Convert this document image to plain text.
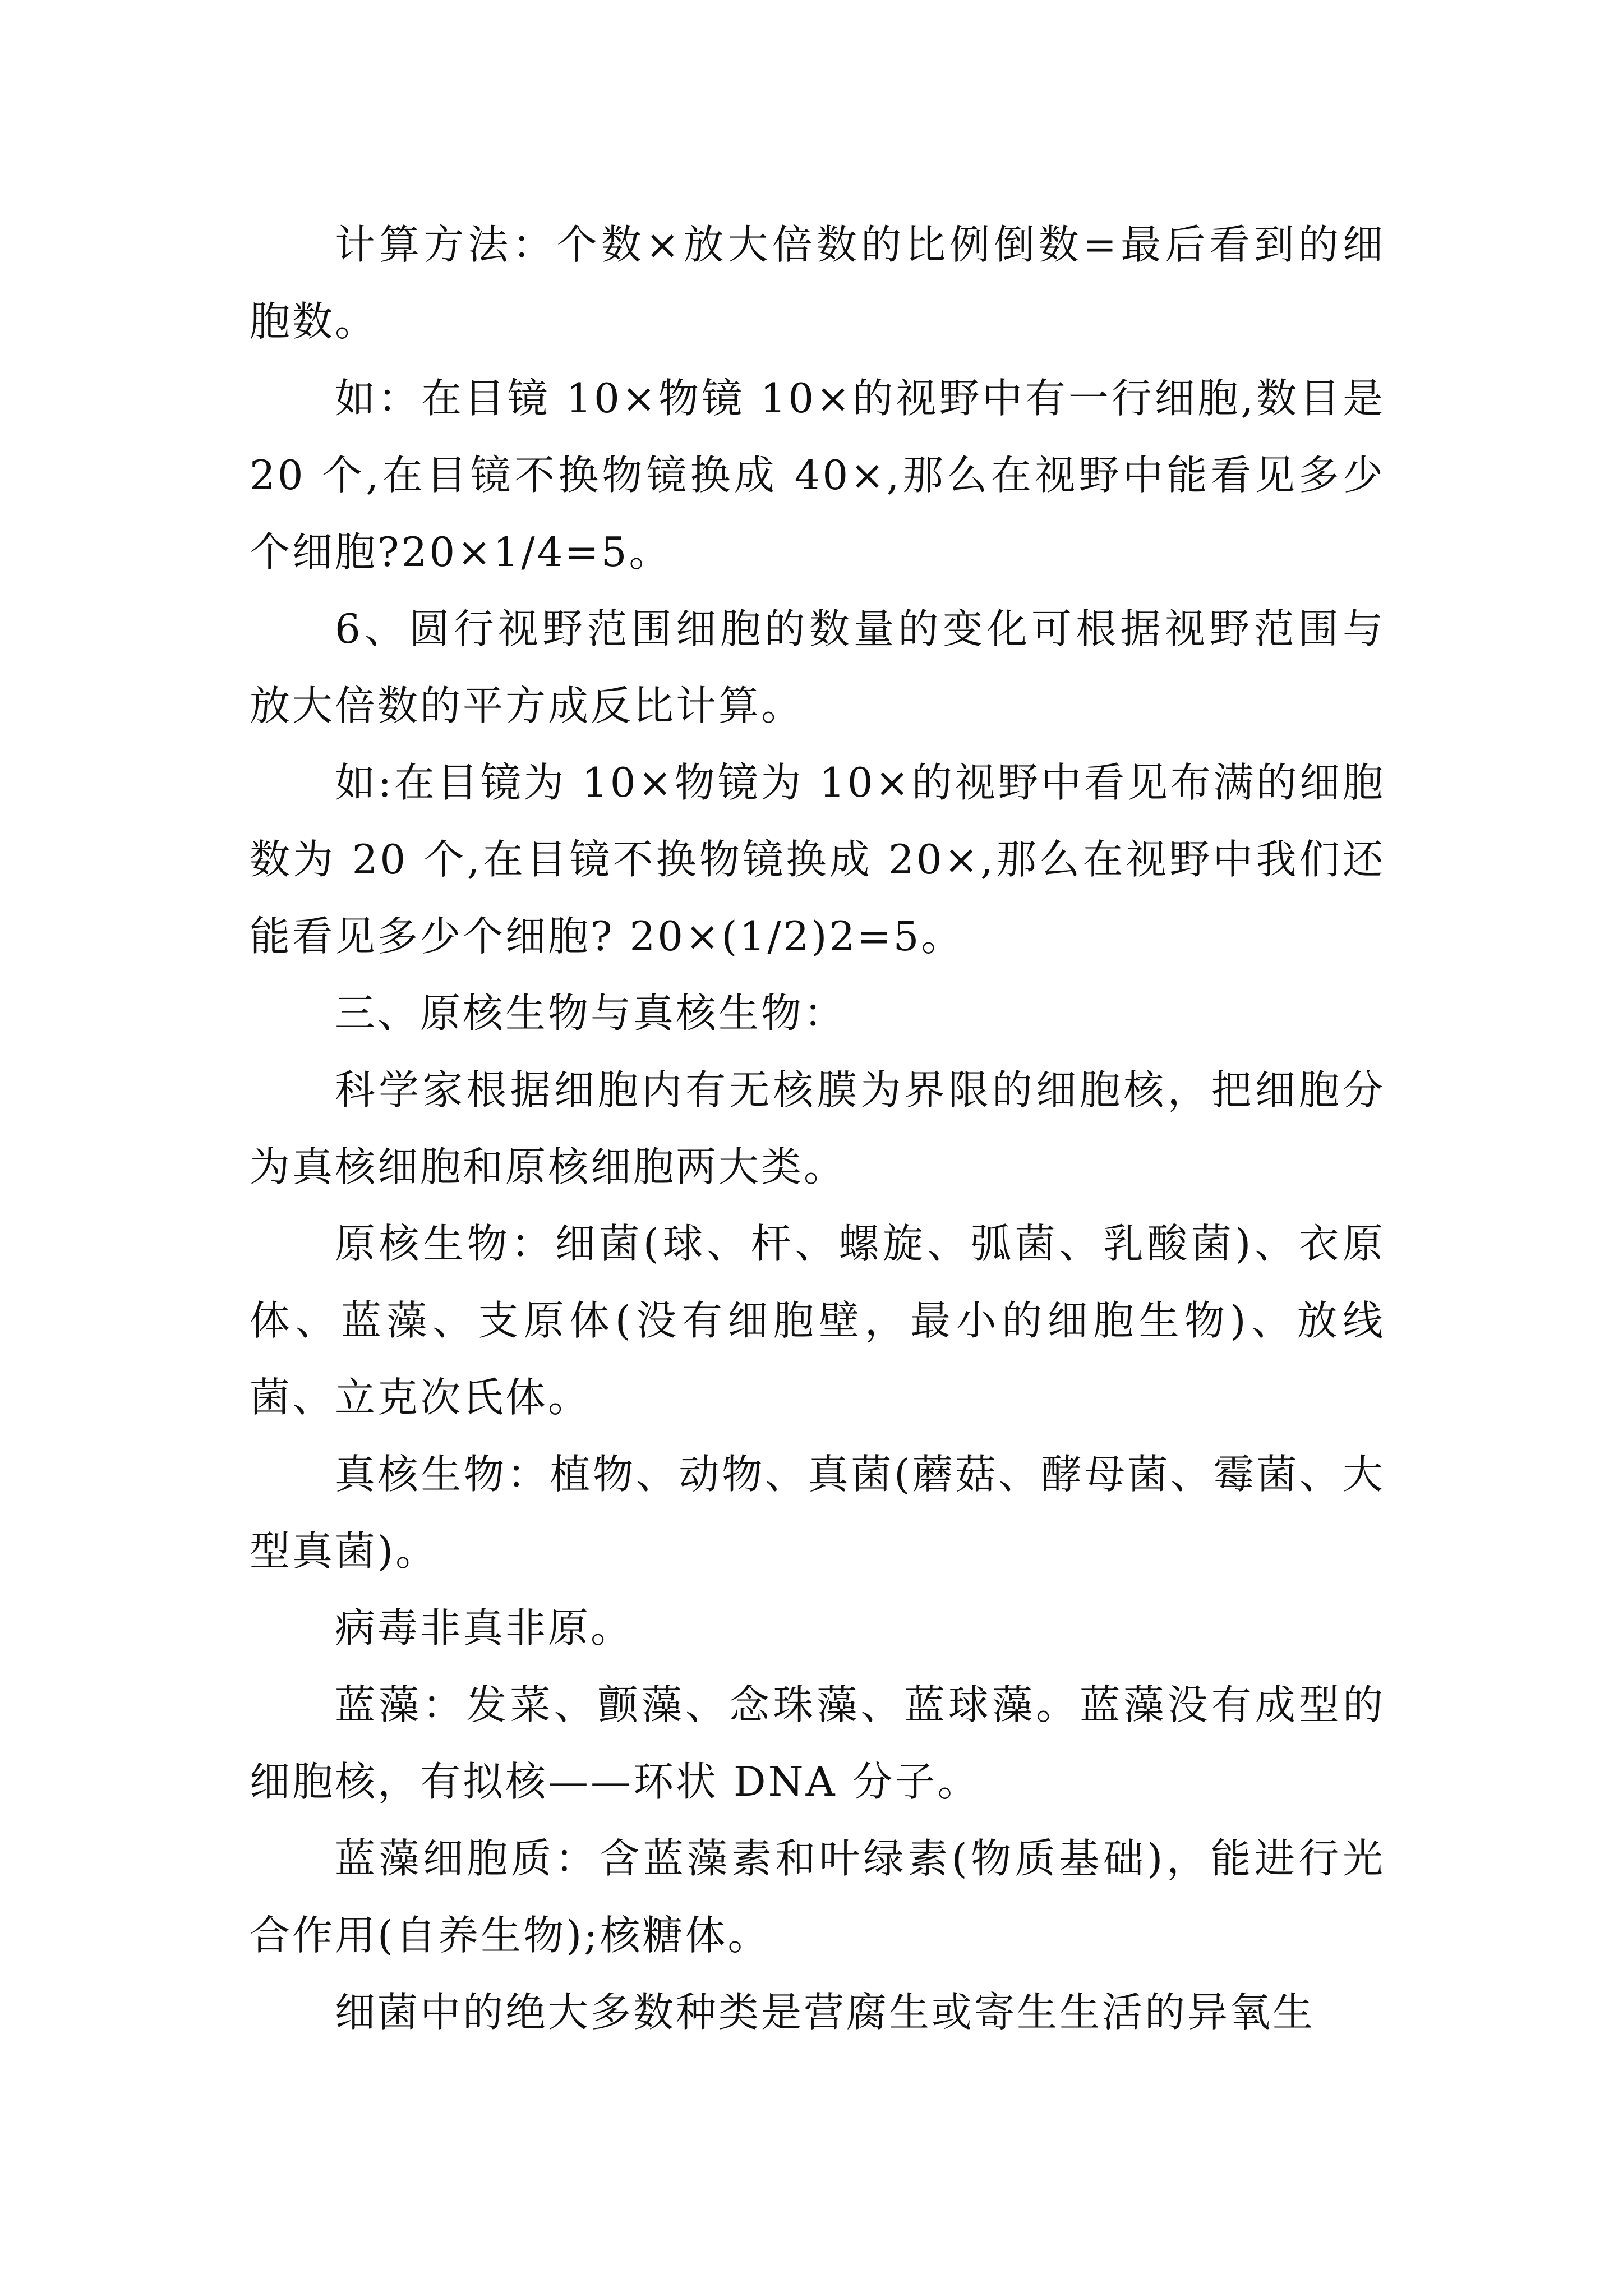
计算方法：个数×放大倍数的比例倒数=最后看到的细胞数。

如：在目镜 10×物镜 10×的视野中有一行细胞,数目是 20 个,在目镜不换物镜换成 40×,那么在视野中能看见多少个细胞?20×1/4=5。

6、圆行视野范围细胞的数量的变化可根据视野范围与放大倍数的平方成反比计算。

如:在目镜为 10×物镜为 10×的视野中看见布满的细胞数为 20 个,在目镜不换物镜换成 20×,那么在视野中我们还能看见多少个细胞? 20×(1/2)2=5。

三、原核生物与真核生物：

科学家根据细胞内有无核膜为界限的细胞核，把细胞分为真核细胞和原核细胞两大类。

原核生物：细菌(球、杆、螺旋、弧菌、乳酸菌)、衣原体、蓝藻、支原体(没有细胞壁，最小的细胞生物)、放线菌、立克次氏体。

真核生物：植物、动物、真菌(蘑菇、酵母菌、霉菌、大型真菌)。

病毒非真非原。

蓝藻：发菜、颤藻、念珠藻、蓝球藻。蓝藻没有成型的细胞核，有拟核——环状 DNA 分子。

蓝藻细胞质：含蓝藻素和叶绿素(物质基础)，能进行光合作用(自养生物);核糖体。

细菌中的绝大多数种类是营腐生或寄生生活的异氧生
